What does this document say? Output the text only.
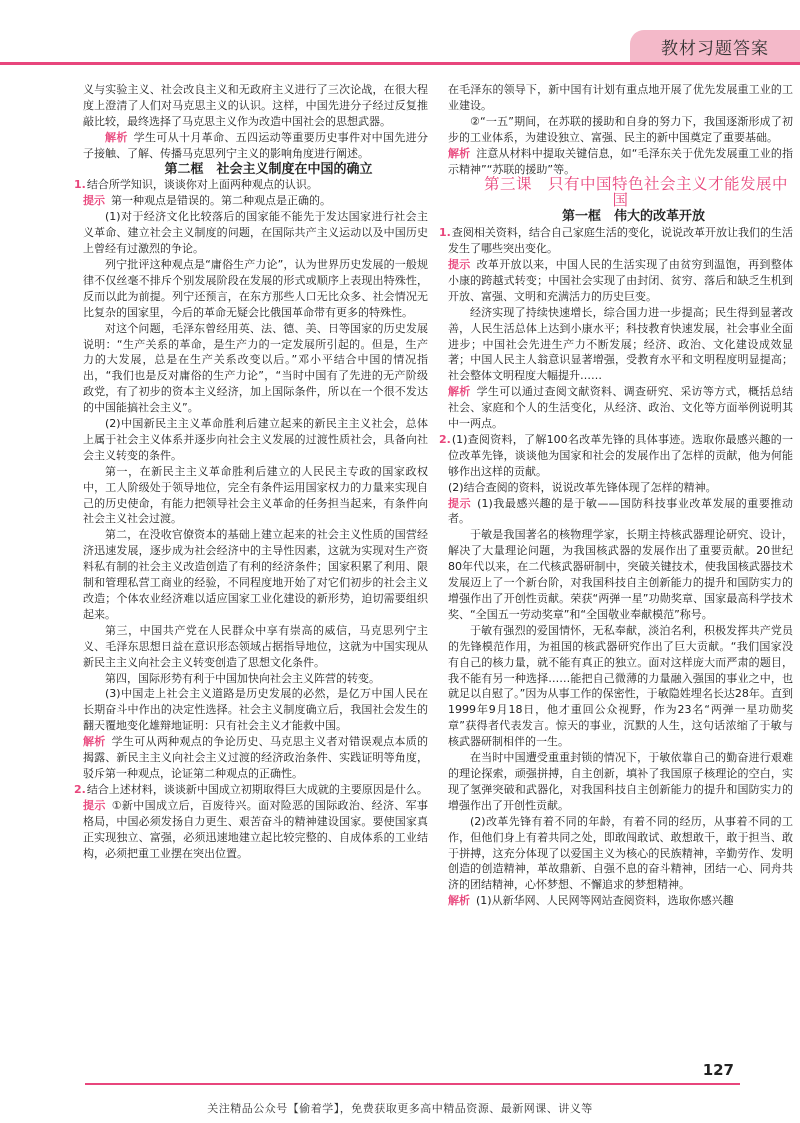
教材习题答案

义与实验主义、社会改良主义和无政府主义进行了三次论战，在很大程度上澄清了人们对马克思主义的认识。这样，中国先进分子经过反复推敲比较，最终选择了马克思主义作为改造中国社会的思想武器。

解析 学生可从十月革命、五四运动等重要历史事件对中国先进分子接触、了解、传播马克思列宁主义的影响角度进行阐述。

第二框　社会主义制度在中国的确立

1.结合所学知识，谈谈你对上面两种观点的认识。

提示 第一种观点是错误的。第二种观点是正确的。

(1)对于经济文化比较落后的国家能不能先于发达国家进行社会主义革命、建立社会主义制度的问题，在国际共产主义运动以及中国历史上曾经有过激烈的争论。

列宁批评这种观点是“庸俗生产力论”，认为世界历史发展的一般规律不仅丝毫不排斥个别发展阶段在发展的形式或顺序上表现出特殊性，反而以此为前提。列宁还预言，在东方那些人口无比众多、社会情况无比复杂的国家里，今后的革命无疑会比俄国革命带有更多的特殊性。

对这个问题，毛泽东曾经用英、法、德、美、日等国家的历史发展说明：“生产关系的革命，是生产力的一定发展所引起的。但是，生产力的大发展，总是在生产关系改变以后。”邓小平结合中国的情况指出，“我们也是反对庸俗的生产力论”，“当时中国有了先进的无产阶级政党，有了初步的资本主义经济，加上国际条件，所以在一个很不发达的中国能搞社会主义”。

(2)中国新民主主义革命胜利后建立起来的新民主主义社会，总体上属于社会主义体系并逐步向社会主义发展的过渡性质社会，具备向社会主义转变的条件。

第一，在新民主主义革命胜利后建立的人民民主专政的国家政权中，工人阶级处于领导地位，完全有条件运用国家权力的力量来实现自己的历史使命，有能力把领导社会主义革命的任务担当起来，有条件向社会主义社会过渡。

第二，在没收官僚资本的基础上建立起来的社会主义性质的国营经济迅速发展，逐步成为社会经济中的主导性因素，这就为实现对生产资料私有制的社会主义改造创造了有利的经济条件；国家积累了利用、限制和管理私营工商业的经验，不同程度地开始了对它们初步的社会主义改造；个体农业经济难以适应国家工业化建设的新形势，迫切需要组织起来。

第三，中国共产党在人民群众中享有崇高的威信，马克思列宁主义、毛泽东思想日益在意识形态领域占据指导地位，这就为中国实现从新民主主义向社会主义转变创造了思想文化条件。

第四，国际形势有利于中国加快向社会主义阵营的转变。

(3)中国走上社会主义道路是历史发展的必然，是亿万中国人民在长期奋斗中作出的决定性选择。社会主义制度确立后，我国社会发生的翻天覆地变化雄辩地证明：只有社会主义才能救中国。

解析 学生可从两种观点的争论历史、马克思主义者对错误观点本质的揭露、新民主主义向社会主义过渡的经济政治条件、实践证明等角度，驳斥第一种观点，论证第二种观点的正确性。

2.结合上述材料，谈谈新中国成立初期取得巨大成就的主要原因是什么。

提示 ①新中国成立后，百废待兴。面对险恶的国际政治、经济、军事格局，中国必须发扬自力更生、艰苦奋斗的精神建设国家。要使国家真正实现独立、富强，必须迅速地建立起比较完整的、自成体系的工业结构，必须把重工业摆在突出位置。

在毛泽东的领导下，新中国有计划有重点地开展了优先发展重工业的工业建设。

②“一五”期间，在苏联的援助和自身的努力下，我国逐渐形成了初步的工业体系，为建设独立、富强、民主的新中国奠定了重要基础。

解析 注意从材料中提取关键信息，如“毛泽东关于优先发展重工业的指示精神”“苏联的援助”等。

第三课　只有中国特色社会主义才能发展中国

第一框　伟大的改革开放

1.查阅相关资料，结合自己家庭生活的变化，说说改革开放让我们的生活发生了哪些突出变化。

提示 改革开放以来，中国人民的生活实现了由贫穷到温饱，再到整体小康的跨越式转变；中国社会实现了由封闭、贫穷、落后和缺乏生机到开放、富强、文明和充满活力的历史巨变。

经济实现了持续快速增长，综合国力进一步提高；民生得到显著改善，人民生活总体上达到小康水平；科技教育快速发展，社会事业全面进步；中国社会先进生产力不断发展；经济、政治、文化建设成效显著；中国人民主人翁意识显著增强，受教育水平和文明程度明显提高；社会整体文明程度大幅提升……

解析 学生可以通过查阅文献资料、调查研究、采访等方式，概括总结社会、家庭和个人的生活变化，从经济、政治、文化等方面举例说明其中一两点。

2.(1)查阅资料，了解100名改革先锋的具体事迹。选取你最感兴趣的一位改革先锋，谈谈他为国家和社会的发展作出了怎样的贡献，他为何能够作出这样的贡献。

(2)结合查阅的资料，说说改革先锋体现了怎样的精神。

提示 (1)我最感兴趣的是于敏——国防科技事业改革发展的重要推动者。

于敏是我国著名的核物理学家，长期主持核武器理论研究、设计，解决了大量理论问题，为我国核武器的发展作出了重要贡献。20世纪80年代以来，在二代核武器研制中，突破关键技术，使我国核武器技术发展迈上了一个新台阶，对我国科技自主创新能力的提升和国防实力的增强作出了开创性贡献。荣获“两弹一星”功勋奖章、国家最高科学技术奖、“全国五一劳动奖章”和“全国敬业奉献模范”称号。

于敏有强烈的爱国情怀，无私奉献，淡泊名利，积极发挥共产党员的先锋模范作用，为祖国的核武器研究作出了巨大贡献。“我们国家没有自己的核力量，就不能有真正的独立。面对这样庞大而严肃的题目，我不能有另一种选择……能把自己微薄的力量融入强国的事业之中，也就足以自慰了。”因为从事工作的保密性，于敏隐姓埋名长达28年。直到1999年9月18日，他才重回公众视野，作为23名“两弹一星功勋奖章”获得者代表发言。惊天的事业，沉默的人生，这句话浓缩了于敏与核武器研制相伴的一生。

在当时中国遭受重重封锁的情况下，于敏依靠自己的勤奋进行艰难的理论探索，顽强拼搏，自主创新，填补了我国原子核理论的空白，实现了氢弹突破和武器化，对我国科技自主创新能力的提升和国防实力的增强作出了开创性贡献。

(2)改革先锋有着不同的年龄，有着不同的经历，从事着不同的工作，但他们身上有着共同之处，即敢闯敢试、敢想敢干，敢于担当、敢于拼搏，这充分体现了以爱国主义为核心的民族精神，辛勤劳作、发明创造的创造精神，革故鼎新、自强不息的奋斗精神，团结一心、同舟共济的团结精神，心怀梦想、不懈追求的梦想精神。

解析 (1)从新华网、人民网等网站查阅资料，选取你感兴趣

127
关注精品公众号【偷着学】，免费获取更多高中精品资源、最新网课、讲义等
